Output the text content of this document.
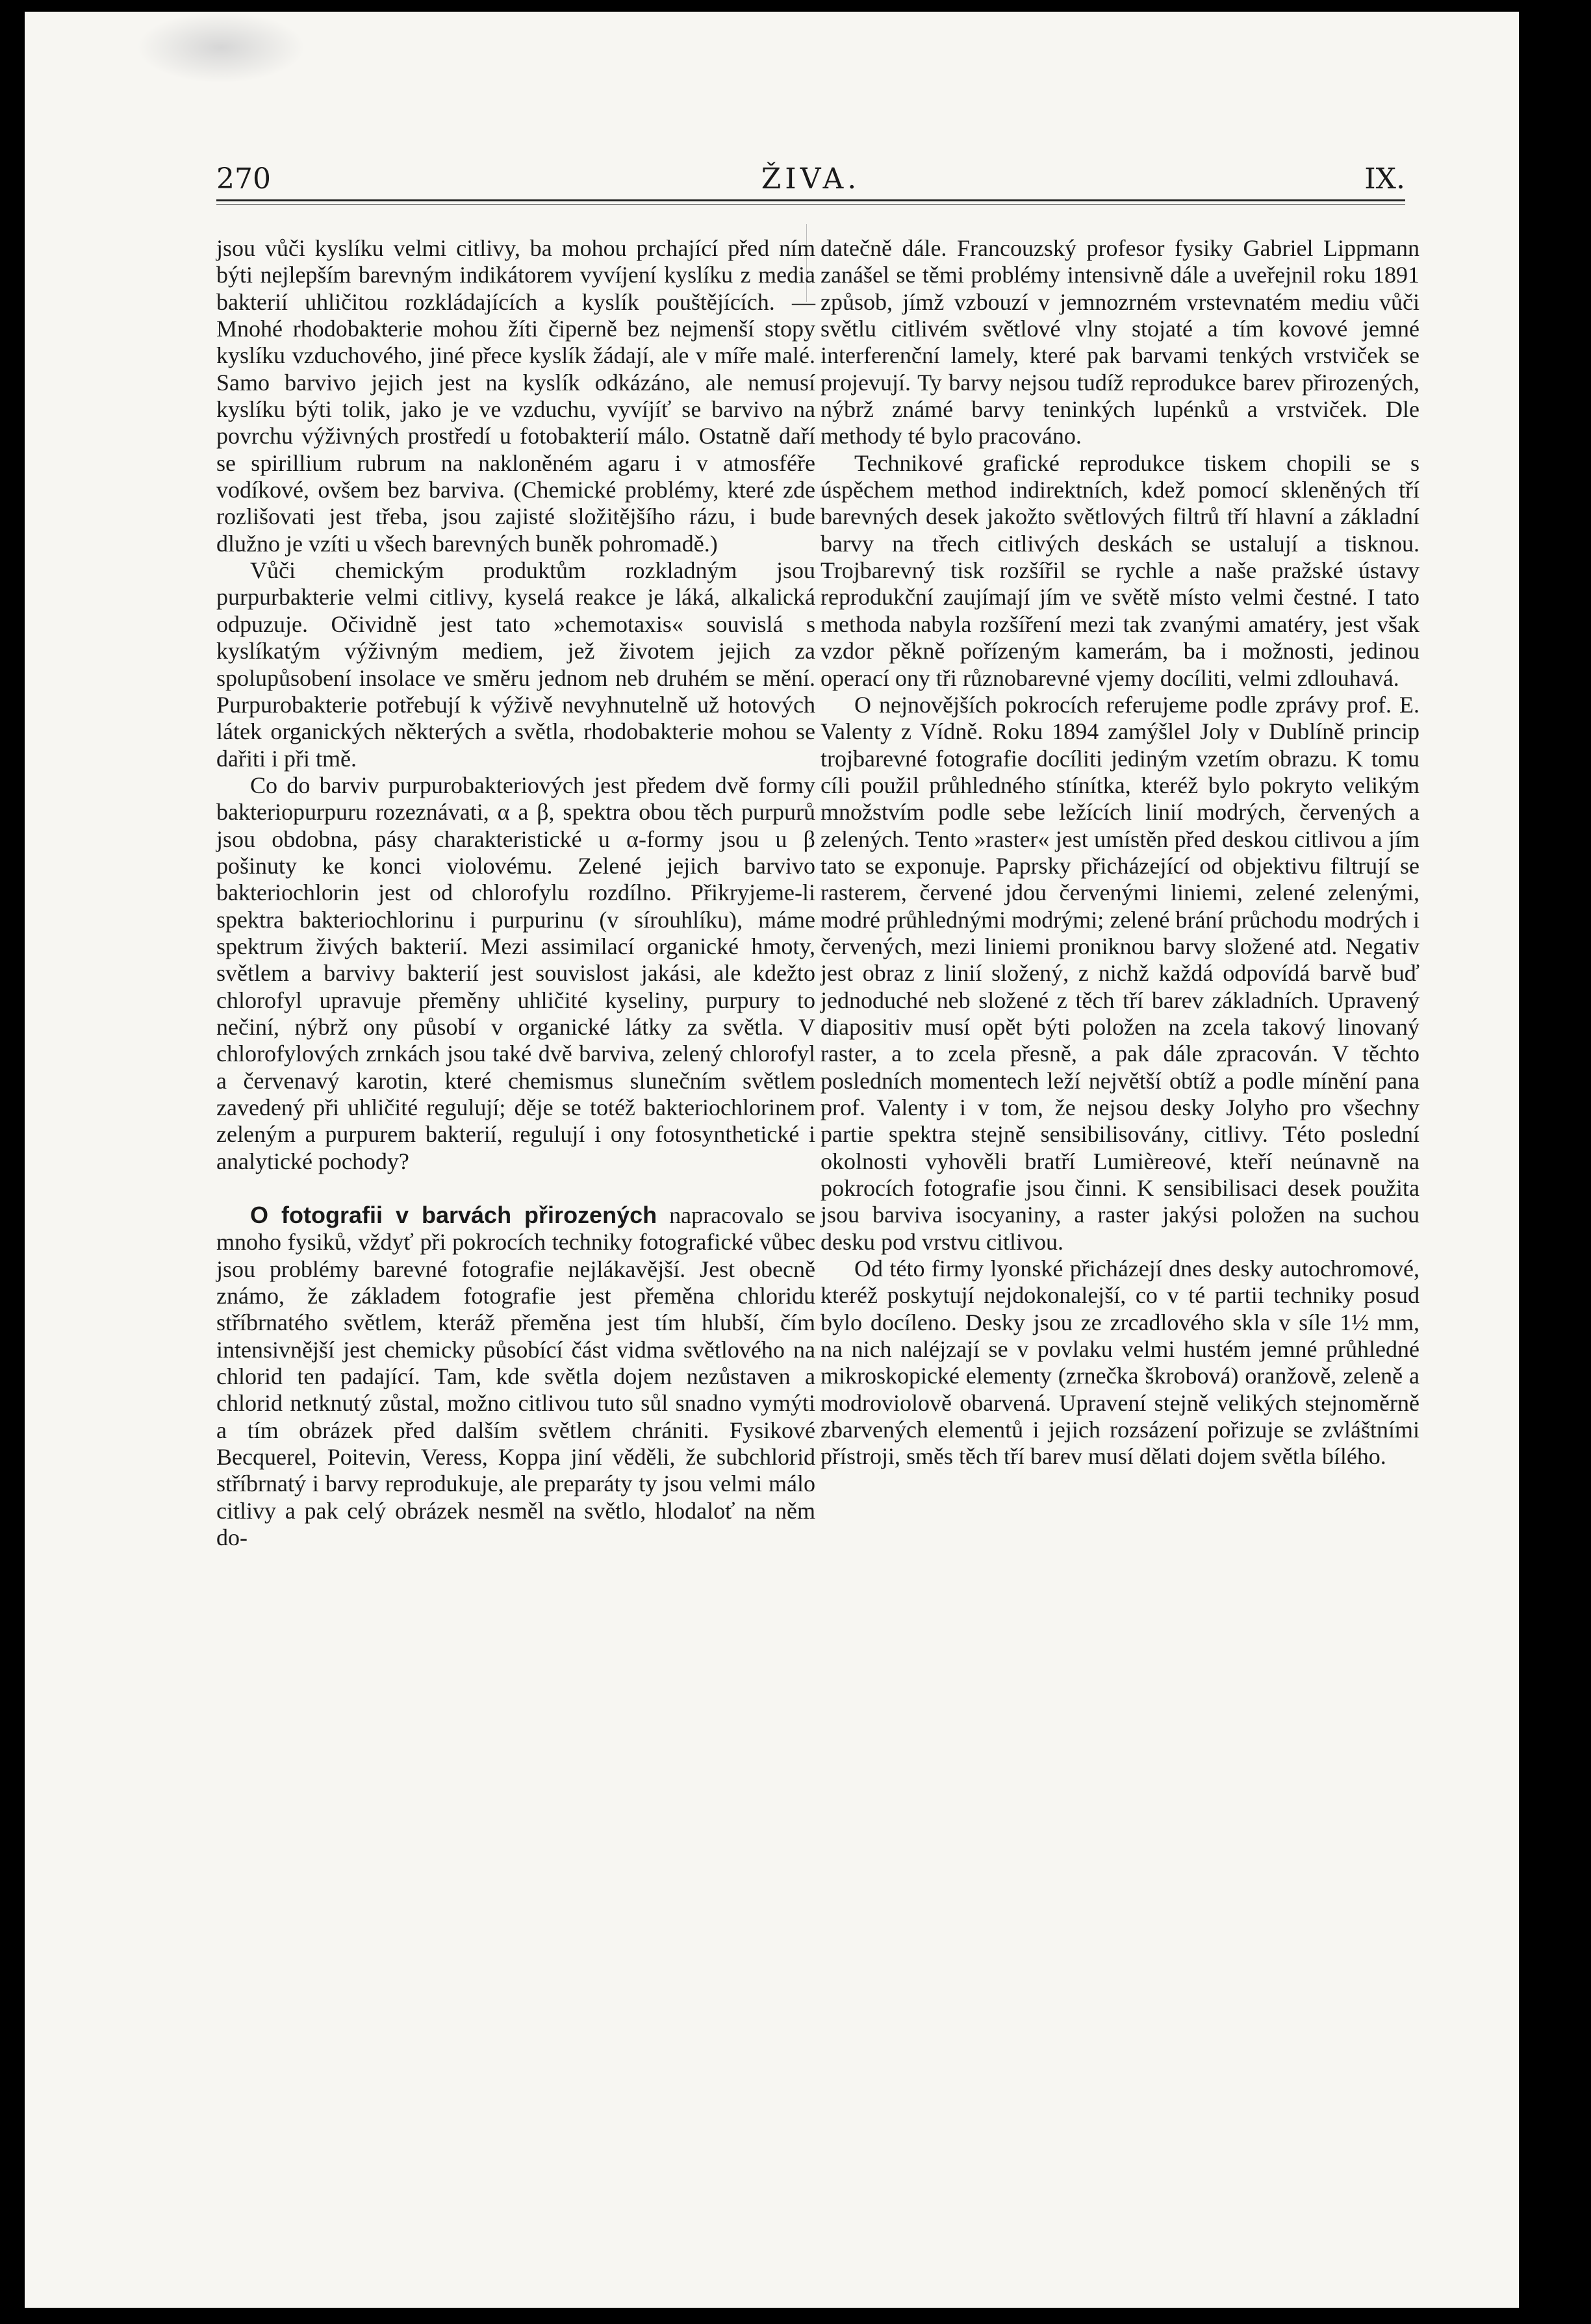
270	ŽIVA.	IX.

jsou vůči kyslíku velmi citlivy, ba mohou prchající před ním býti nejlepším barevným indikátorem vyvíjení kyslíku z media bakterií uhličitou rozkládajících a kyslík pouštějících. — Mnohé rhodobakterie mohou žíti čiperně bez nejmenší stopy kyslíku vzduchového, jiné přece kyslík žádají, ale v míře malé. Samo barvivo jejich jest na kyslík odkázáno, ale nemusí kyslíku býti tolik, jako je ve vzduchu, vyvíjíť se barvivo na povrchu výživných prostředí u fotobakterií málo. Ostatně daří se spirillium rubrum na nakloněném agaru i v atmosféře vodíkové, ovšem bez barviva. (Chemické problémy, které zde rozlišovati jest třeba, jsou zajisté složitějšího rázu, i bude dlužno je vzíti u všech barevných buněk pohromadě.)

Vůči chemickým produktům rozkladným jsou purpurbakterie velmi citlivy, kyselá reakce je láká, alkalická odpuzuje. Očividně jest tato »chemotaxis« souvislá s kyslíkatým výživným mediem, jež životem jejich za spolupůsobení insolace ve směru jednom neb druhém se mění. Purpurobakterie potřebují k výživě nevyhnutelně už hotových látek organických některých a světla, rhodobakterie mohou se dařiti i při tmě.

Co do barviv purpurobakteriových jest předem dvě formy bakteriopurpuru rozeznávati, α a β, spektra obou těch purpurů jsou obdobna, pásy charakteristické u α-formy jsou u β pošinuty ke konci violovému. Zelené jejich barvivo bakteriochlorin jest od chlorofylu rozdílno. Přikryjeme-li spektra bakteriochlorinu i purpurinu (v sírouhlíku), máme spektrum živých bakterií. Mezi assimilací organické hmoty, světlem a barvivy bakterií jest souvislost jakási, ale kdežto chlorofyl upravuje přeměny uhličité kyseliny, purpury to nečiní, nýbrž ony působí v organické látky za světla. V chlorofylových zrnkách jsou také dvě barviva, zelený chlorofyl a červenavý karotin, které chemismus slunečním světlem zavedený při uhličité regulují; děje se totéž bakteriochlorinem zeleným a purpurem bakterií, regulují i ony fotosynthetické i analytické pochody?

O fotografii v barvách přirozených napracovalo se mnoho fysiků, vždyť při pokrocích techniky fotografické vůbec jsou problémy barevné fotografie nejlákavější. Jest obecně známo, že základem fotografie jest přeměna chloridu stříbrnatého světlem, kteráž přeměna jest tím hlubší, čím intensivnější jest chemicky působící část vidma světlového na chlorid ten padající. Tam, kde světla dojem nezůstaven a chlorid netknutý zůstal, možno citlivou tuto sůl snadno vymýti a tím obrázek před dalším světlem chrániti. Fysikové Becquerel, Poitevin, Veress, Koppa jiní věděli, že subchlorid stříbrnatý i barvy reprodukuje, ale preparáty ty jsou velmi málo citlivy a pak celý obrázek nesměl na světlo, hlodaloť na něm do-

datečně dále. Francouzský profesor fysiky Gabriel Lippmann zanášel se těmi problémy intensivně dále a uveřejnil roku 1891 způsob, jímž vzbouzí v jemnozrném vrstevnatém mediu vůči světlu citlivém světlové vlny stojaté a tím kovové jemné interferenční lamely, které pak barvami tenkých vrstviček se projevují. Ty barvy nejsou tudíž reprodukce barev přirozených, nýbrž známé barvy teninkých lupénků a vrstviček. Dle methody té bylo pracováno.

Technikové grafické reprodukce tiskem chopili se s úspěchem method indirektních, kdež pomocí skleněných tří barevných desek jakožto světlových filtrů tří hlavní a základní barvy na třech citlivých deskách se ustalují a tisknou. Trojbarevný tisk rozšířil se rychle a naše pražské ústavy reprodukční zaujímají jím ve světě místo velmi čestné. I tato methoda nabyla rozšíření mezi tak zvanými amatéry, jest však vzdor pěkně pořízeným kamerám, ba i možnosti, jedinou operací ony tři různobarevné vjemy docíliti, velmi zdlouhavá.

O nejnovějších pokrocích referujeme podle zprávy prof. E. Valenty z Vídně. Roku 1894 zamýšlel Joly v Dublíně princip trojbarevné fotografie docíliti jediným vzetím obrazu. K tomu cíli použil průhledného stínítka, kteréž bylo pokryto velikým množstvím podle sebe ležících linií modrých, červených a zelených. Tento »raster« jest umístěn před deskou citlivou a jím tato se exponuje. Paprsky přicházející od objektivu filtrují se rasterem, červené jdou červenými liniemi, zelené zelenými, modré průhlednými modrými; zelené brání průchodu modrých i červených, mezi liniemi proniknou barvy složené atd. Negativ jest obraz z linií složený, z nichž každá odpovídá barvě buď jednoduché neb složené z těch tří barev základních. Upravený diapositiv musí opět býti položen na zcela takový linovaný raster, a to zcela přesně, a pak dále zpracován. V těchto posledních momentech leží největší obtíž a podle mínění pana prof. Valenty i v tom, že nejsou desky Jolyho pro všechny partie spektra stejně sensibilisovány, citlivy. Této poslední okolnosti vyhověli bratří Lumièreové, kteří neúnavně na pokrocích fotografie jsou činni. K sensibilisaci desek použita jsou barviva isocyaniny, a raster jakýsi položen na suchou desku pod vrstvu citlivou.

Od této firmy lyonské přicházejí dnes desky autochromové, kteréž poskytují nejdokonalejší, co v té partii techniky posud bylo docíleno. Desky jsou ze zrcadlového skla v síle 1½ mm, na nich naléjzají se v povlaku velmi hustém jemné průhledné mikroskopické elementy (zrnečka škrobová) oranžově, zeleně a modroviolově obarvená. Upravení stejně velikých stejnoměrně zbarvených elementů i jejich rozsázení pořizuje se zvláštními přístroji, směs těch tří barev musí dělati dojem světla bílého.
